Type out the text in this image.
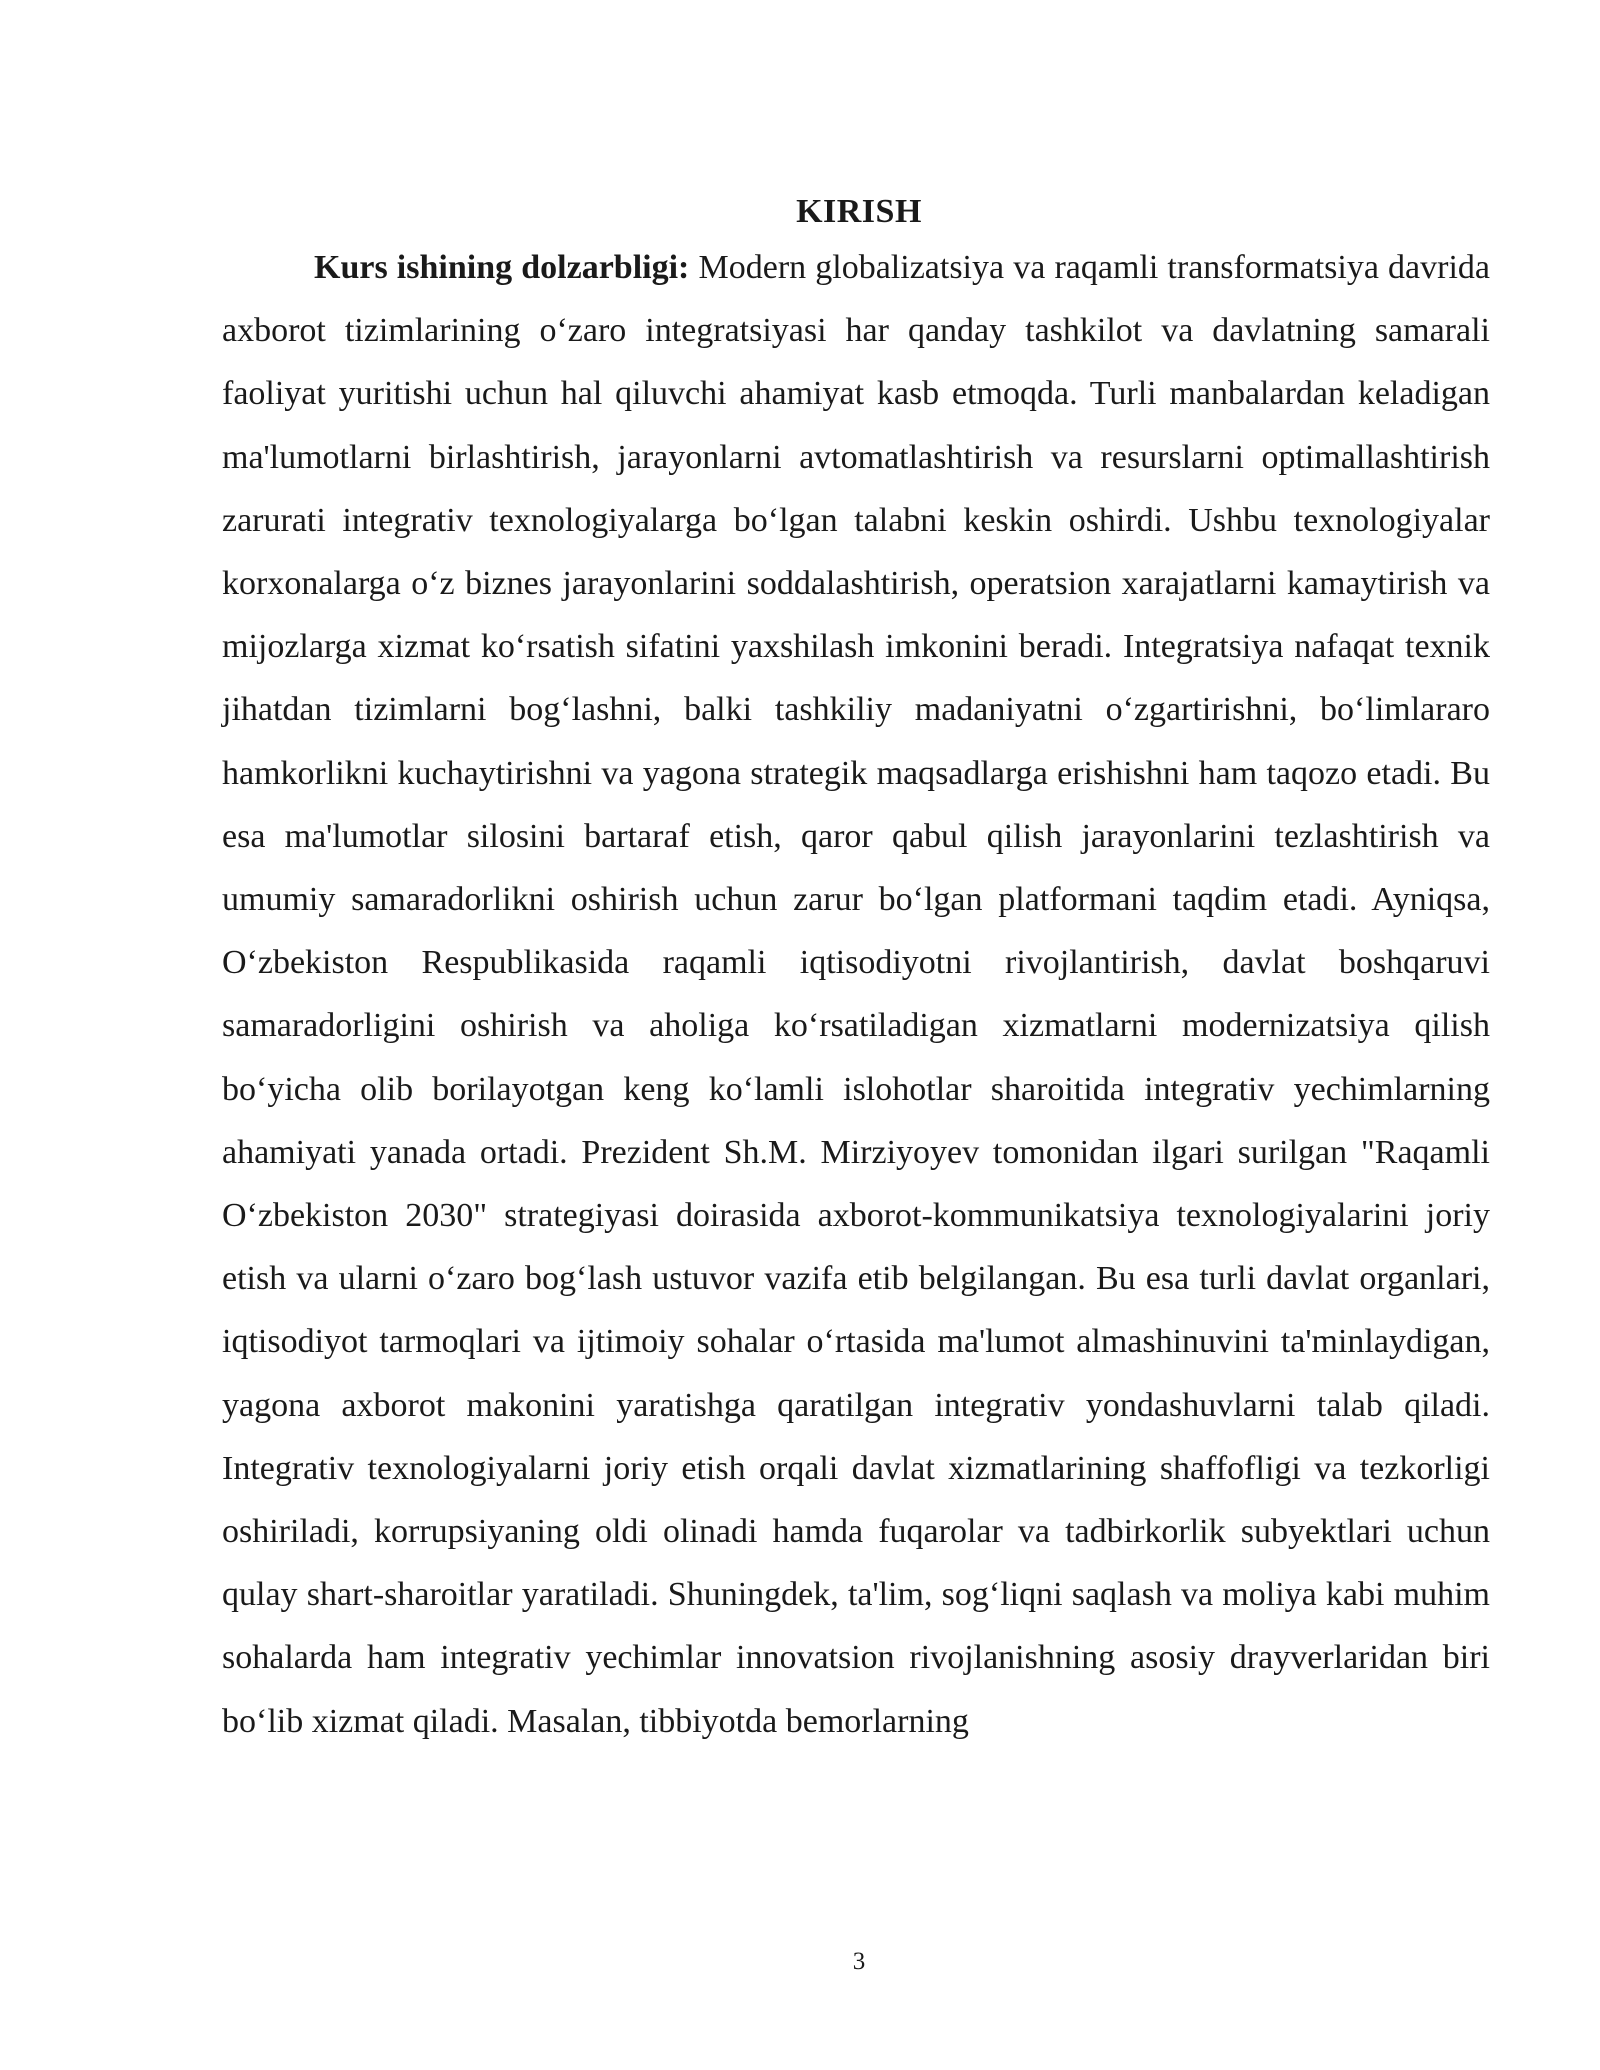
KIRISH

Kurs ishining dolzarbligi: Modern globalizatsiya va raqamli transformatsiya davrida axborot tizimlarining o‘zaro integratsiyasi har qanday tashkilot va davlatning samarali faoliyat yuritishi uchun hal qiluvchi ahamiyat kasb etmoqda. Turli manbalardan keladigan ma'lumotlarni birlashtirish, jarayonlarni avtomatlashtirish va resurslarni optimallashtirish zarurati integrativ texnologiyalarga bo‘lgan talabni keskin oshirdi. Ushbu texnologiyalar korxonalarga o‘z biznes jarayonlarini soddalashtirish, operatsion xarajatlarni kamaytirish va mijozlarga xizmat ko‘rsatish sifatini yaxshilash imkonini beradi. Integratsiya nafaqat texnik jihatdan tizimlarni bog‘lashni, balki tashkiliy madaniyatni o‘zgartirishni, bo‘limlararo hamkorlikni kuchaytirishni va yagona strategik maqsadlarga erishishni ham taqozo etadi. Bu esa ma'lumotlar silosini bartaraf etish, qaror qabul qilish jarayonlarini tezlashtirish va umumiy samaradorlikni oshirish uchun zarur bo‘lgan platformani taqdim etadi. Ayniqsa, O‘zbekiston Respublikasida raqamli iqtisodiyotni rivojlantirish, davlat boshqaruvi samaradorligini oshirish va aholiga ko‘rsatiladigan xizmatlarni modernizatsiya qilish bo‘yicha olib borilayotgan keng ko‘lamli islohotlar sharoitida integrativ yechimlarning ahamiyati yanada ortadi. Prezident Sh.M. Mirziyoyev tomonidan ilgari surilgan "Raqamli O‘zbekiston 2030" strategiyasi doirasida axborot-kommunikatsiya texnologiyalarini joriy etish va ularni o‘zaro bog‘lash ustuvor vazifa etib belgilangan. Bu esa turli davlat organlari, iqtisodiyot tarmoqlari va ijtimoiy sohalar o‘rtasida ma'lumot almashinuvini ta'minlaydigan, yagona axborot makonini yaratishga qaratilgan integrativ yondashuvlarni talab qiladi. Integrativ texnologiyalarni joriy etish orqali davlat xizmatlarining shaffofligi va tezkorligi oshiriladi, korrupsiyaning oldi olinadi hamda fuqarolar va tadbirkorlik subyektlari uchun qulay shart-sharoitlar yaratiladi. Shuningdek, ta'lim, sog‘liqni saqlash va moliya kabi muhim sohalarda ham integrativ yechimlar innovatsion rivojlanishning asosiy drayverlaridan biri bo‘lib xizmat qiladi. Masalan, tibbiyotda bemorlarning

3
